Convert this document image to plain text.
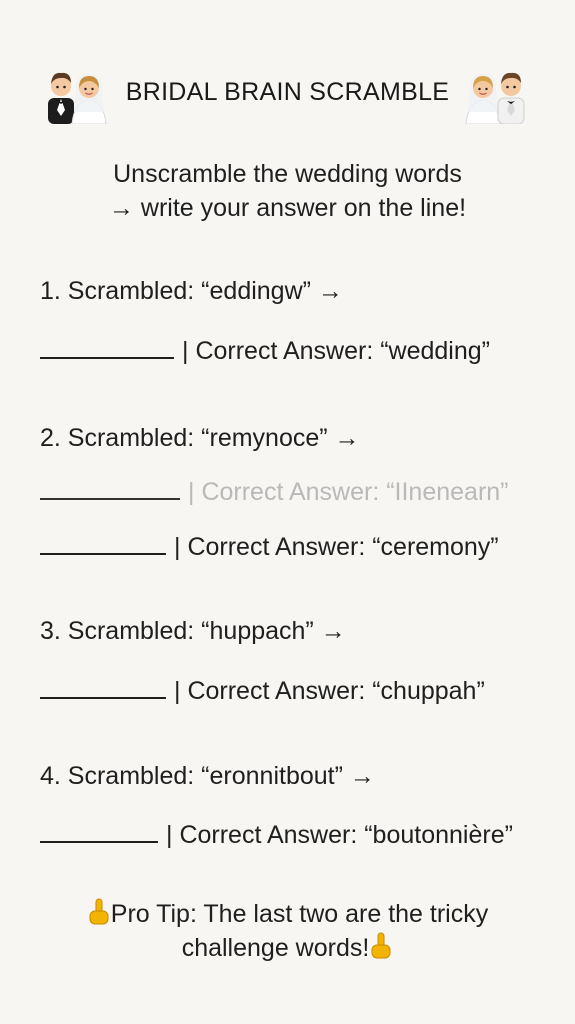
BRIDAL BRAIN SCRAMBLE
Unscramble the wedding words
→ write your answer on the line!
1. Scrambled: “eddingw” →
| Correct Answer: “wedding”
2. Scrambled: “remynoce” →
| Correct Answer: “IInenearn”
| Correct Answer: “ceremony”
3. Scrambled: “huppach” →
| Correct Answer: “chuppah”
4. Scrambled: “eronnitbout” →
| Correct Answer: “boutonnière”
Pro Tip: The last two are the tricky
challenge words!
